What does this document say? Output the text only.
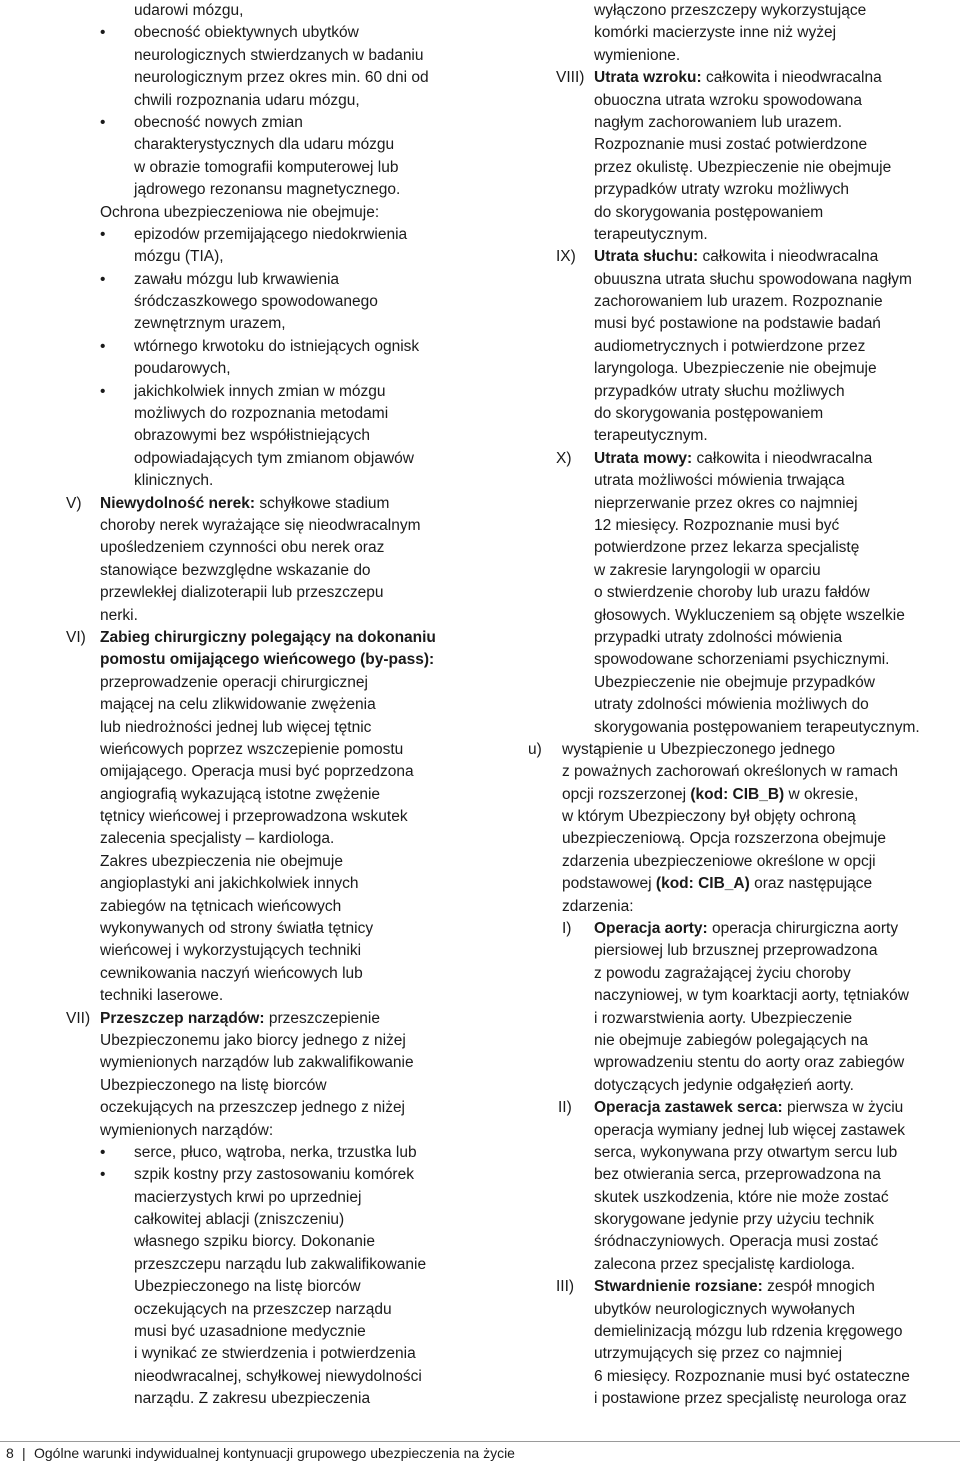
udarowi mózgu,
• obecność obiektywnych ubytków
neurologicznych stwierdzanych w badaniu
neurologicznym przez okres min. 60 dni od
chwili rozpoznania udaru mózgu,
• obecność nowych zmian
charakterystycznych dla udaru mózgu
w obrazie tomografii komputerowej lub
jądrowego rezonansu magnetycznego.
Ochrona ubezpieczeniowa nie obejmuje:
• epizodów przemijającego niedokrwienia
mózgu (TIA),
• zawału mózgu lub krwawienia
śródczaszkowego spowodowanego
zewnętrznym urazem,
• wtórnego krwotoku do istniejących ognisk
poudarowych,
• jakichkolwiek innych zmian w mózgu
możliwych do rozpoznania metodami
obrazowymi bez współistniejących
odpowiadających tym zmianom objawów
klinicznych.
V) Niewydolność nerek: schyłkowe stadium
choroby nerek wyrażające się nieodwracalnym
upośledzeniem czynności obu nerek oraz
stanowiące bezwzględne wskazanie do
przewlekłej dializoterapii lub przeszczepu
nerki.
VI) Zabieg chirurgiczny polegający na dokonaniu
pomostu omijającego wieńcowego (by-pass):
przeprowadzenie operacji chirurgicznej
mającej na celu zlikwidowanie zwężenia
lub niedrożności jednej lub więcej tętnic
wieńcowych poprzez wszczepienie pomostu
omijającego. Operacja musi być poprzedzona
angiografią wykazującą istotne zwężenie
tętnicy wieńcowej i przeprowadzona wskutek
zalecenia specjalisty – kardiologa.
Zakres ubezpieczenia nie obejmuje
angioplastyki ani jakichkolwiek innych
zabiegów na tętnicach wieńcowych
wykonywanych od strony światła tętnicy
wieńcowej i wykorzystujących techniki
cewnikowania naczyń wieńcowych lub
techniki laserowe.
VII) Przeszczep narządów: przeszczepienie
Ubezpieczonemu jako biorcy jednego z niżej
wymienionych narządów lub zakwalifikowanie
Ubezpieczonego na listę biorców
oczekujących na przeszczep jednego z niżej
wymienionych narządów:
• serce, płuco, wątroba, nerka, trzustka lub
• szpik kostny przy zastosowaniu komórek
macierzystych krwi po uprzedniej
całkowitej ablacji (zniszczeniu)
własnego szpiku biorcy. Dokonanie
przeszczepu narządu lub zakwalifikowanie
Ubezpieczonego na listę biorców
oczekujących na przeszczep narządu
musi być uzasadnione medycznie
i wynikać ze stwierdzenia i potwierdzenia
nieodwracalnej, schyłkowej niewydolności
narządu. Z zakresu ubezpieczenia
wyłączono przeszczepy wykorzystujące
komórki macierzyste inne niż wyżej
wymienione.
VIII) Utrata wzroku: całkowita i nieodwracalna
obuoczna utrata wzroku spowodowana
nagłym zachorowaniem lub urazem.
Rozpoznanie musi zostać potwierdzone
przez okulistę. Ubezpieczenie nie obejmuje
przypadków utraty wzroku możliwych
do skorygowania postępowaniem
terapeutycznym.
IX) Utrata słuchu: całkowita i nieodwracalna
obuuszna utrata słuchu spowodowana nagłym
zachorowaniem lub urazem. Rozpoznanie
musi być postawione na podstawie badań
audiometrycznych i potwierdzone przez
laryngologa. Ubezpieczenie nie obejmuje
przypadków utraty słuchu możliwych
do skorygowania postępowaniem
terapeutycznym.
X) Utrata mowy: całkowita i nieodwracalna
utrata możliwości mówienia trwająca
nieprzerwanie przez okres co najmniej
12 miesięcy. Rozpoznanie musi być
potwierdzone przez lekarza specjalistę
w zakresie laryngologii w oparciu
o stwierdzenie choroby lub urazu fałdów
głosowych. Wykluczeniem są objęte wszelkie
przypadki utraty zdolności mówienia
spowodowane schorzeniami psychicznymi.
Ubezpieczenie nie obejmuje przypadków
utraty zdolności mówienia możliwych do
skorygowania postępowaniem terapeutycznym.
u) wystąpienie u Ubezpieczonego jednego
z poważnych zachorowań określonych w ramach
opcji rozszerzonej (kod: CIB_B) w okresie,
w którym Ubezpieczony był objęty ochroną
ubezpieczeniową. Opcja rozszerzona obejmuje
zdarzenia ubezpieczeniowe określone w opcji
podstawowej (kod: CIB_A) oraz następujące
zdarzenia:
I) Operacja aorty: operacja chirurgiczna aorty
piersiowej lub brzusznej przeprowadzona
z powodu zagrażającej życiu choroby
naczyniowej, w tym koarktacji aorty, tętniaków
i rozwarstwienia aorty. Ubezpieczenie
nie obejmuje zabiegów polegających na
wprowadzeniu stentu do aorty oraz zabiegów
dotyczących jedynie odgałęzień aorty.
II) Operacja zastawek serca: pierwsza w życiu
operacja wymiany jednej lub więcej zastawek
serca, wykonywana przy otwartym sercu lub
bez otwierania serca, przeprowadzona na
skutek uszkodzenia, które nie może zostać
skorygowane jedynie przy użyciu technik
śródnaczyniowych. Operacja musi zostać
zalecona przez specjalistę kardiologa.
III) Stwardnienie rozsiane: zespół mnogich
ubytków neurologicznych wywołanych
demielinizacją mózgu lub rdzenia kręgowego
utrzymujących się przez co najmniej
6 miesięcy. Rozpoznanie musi być ostateczne
i postawione przez specjalistę neurologa oraz
8 | Ogólne warunki indywidualnej kontynuacji grupowego ubezpieczenia na życie
